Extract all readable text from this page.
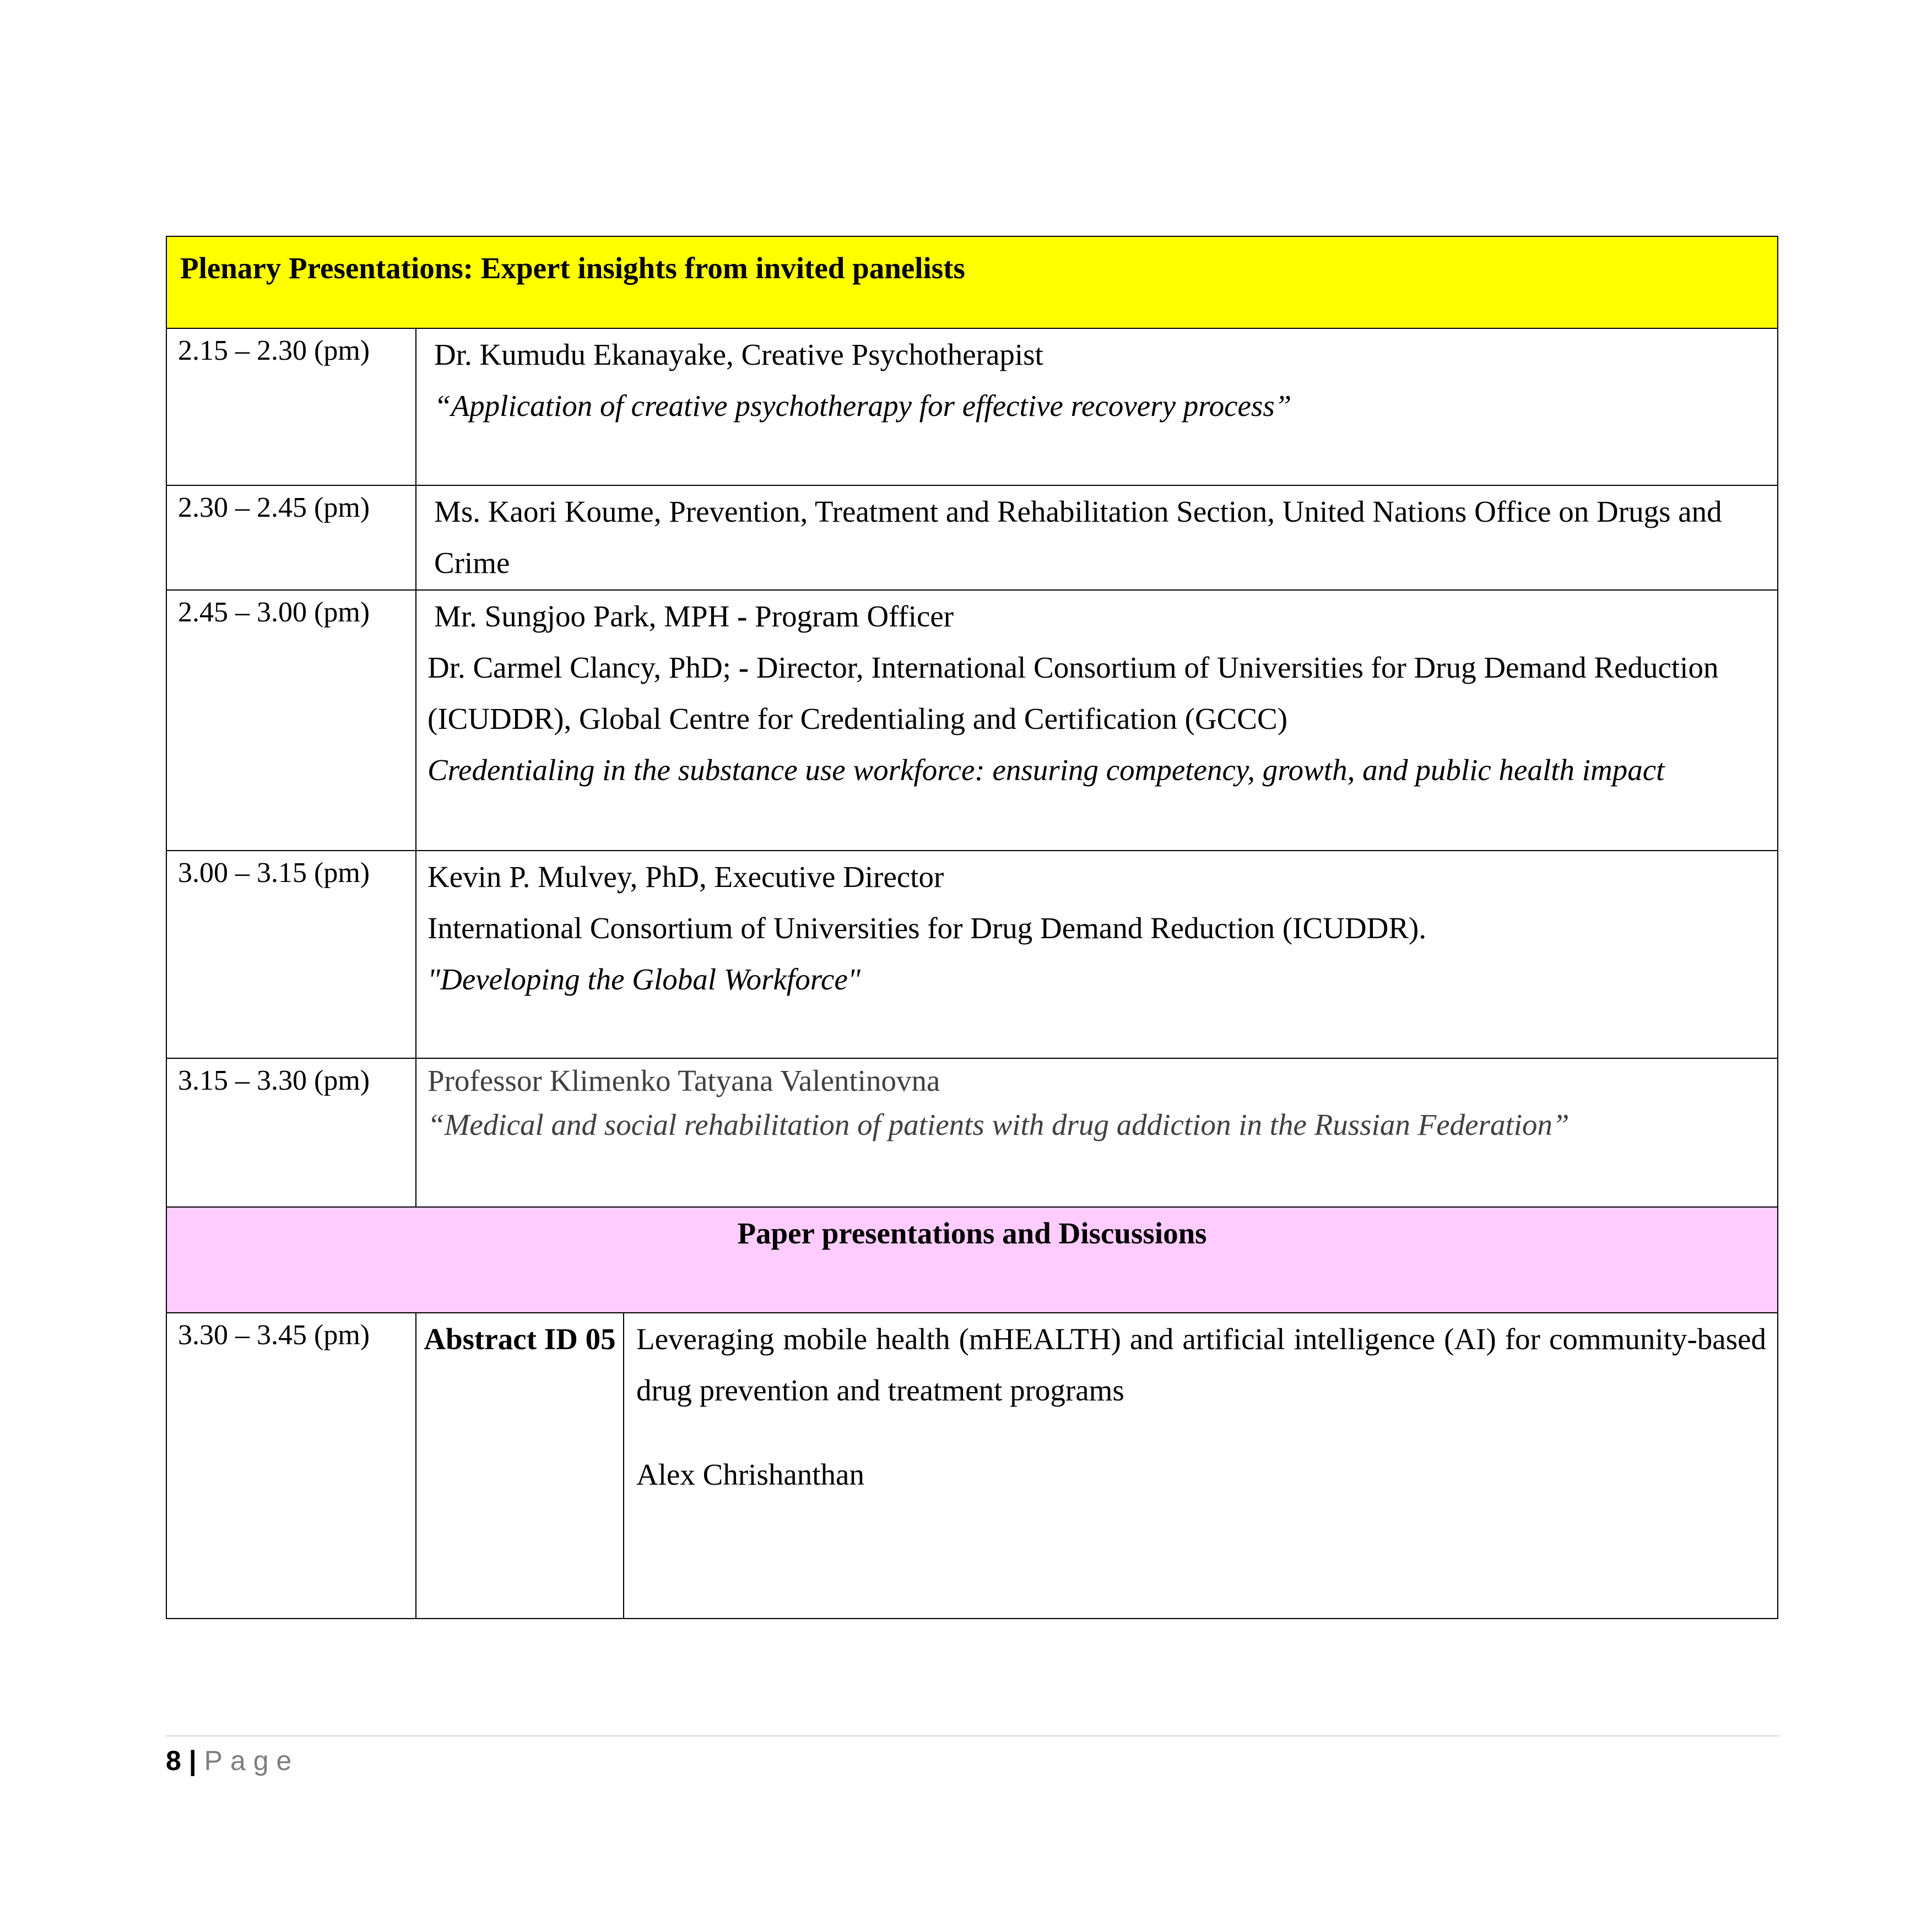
Plenary Presentations: Expert insights from invited panelists		
2.15 – 2.30 (pm)	Dr. Kumudu Ekanayake, Creative Psychotherapist
“Application of creative psychotherapy for effective recovery process”	

2.30 – 2.45 (pm)	Ms. Kaori Koume, Prevention, Treatment and Rehabilitation Section, United Nations Office on Drugs and Crime	

2.45 – 3.00 (pm)	Mr. Sungjoo Park, MPH - Program Officer
Dr. Carmel Clancy, PhD; - Director, International Consortium of Universities for Drug Demand Reduction (ICUDDR), Global Centre for Credentialing and Certification (GCCC)
Credentialing in the substance use workforce: ensuring competency, growth, and public health impact	

3.00 – 3.15 (pm)	Kevin P. Mulvey, PhD, Executive Director
International Consortium of Universities for Drug Demand Reduction (ICUDDR).
"Developing the Global Workforce"	

3.15 – 3.30 (pm)	Professor Klimenko Tatyana Valentinovna
“Medical and social rehabilitation of patients with drug addiction in the Russian Federation”	

Paper presentations and Discussions		
3.30 – 3.45 (pm)	Abstract ID 05	Leveraging mobile health (mHEALTH) and artificial intelligence (AI) for community-based drug prevention and treatment programs
Alex Chrishanthan
8 | Page
